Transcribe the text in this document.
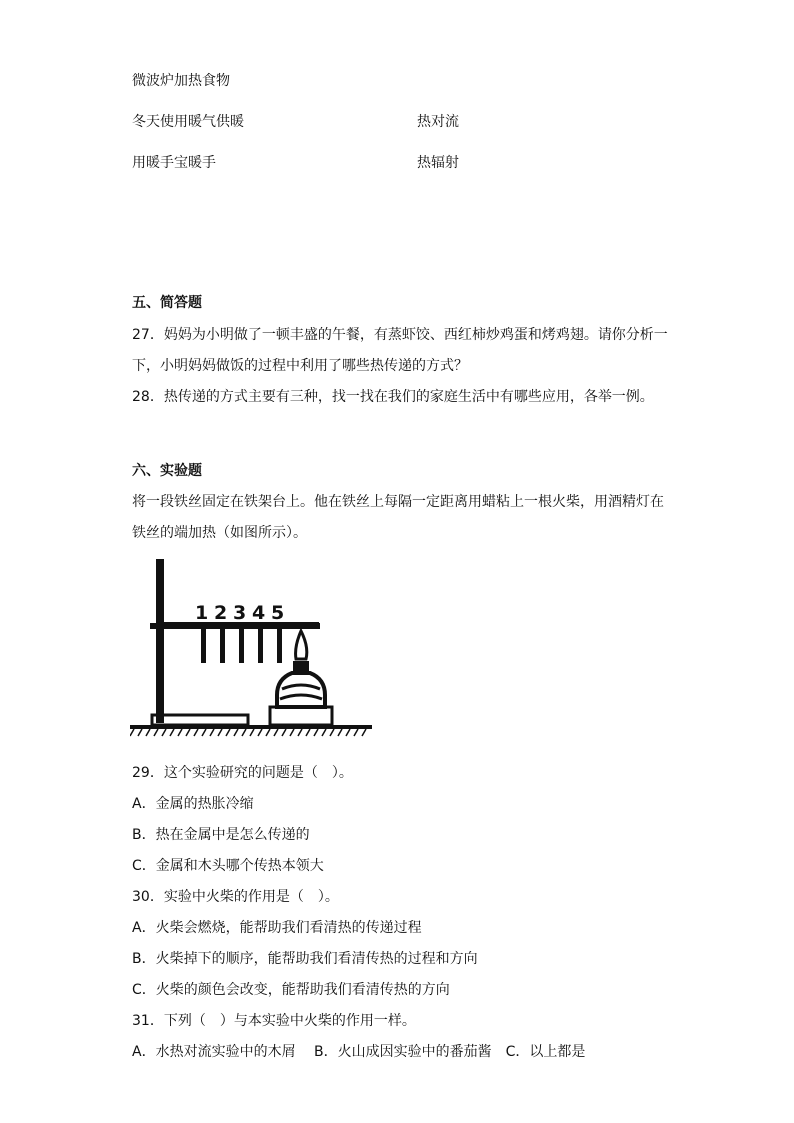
微波炉加热食物
冬天使用暖气供暖	热对流
用暖手宝暖手	热辐射
五、简答题
27．妈妈为小明做了一顿丰盛的午餐，有蒸虾饺、西红柿炒鸡蛋和烤鸡翅。请你分析一
下，小明妈妈做饭的过程中利用了哪些热传递的方式？
28．热传递的方式主要有三种，找一找在我们的家庭生活中有哪些应用，各举一例。
六、实验题
将一段铁丝固定在铁架台上。他在铁丝上每隔一定距离用蜡粘上一根火柴，用酒精灯在
铁丝的端加热（如图所示）。
1 2 3 4 5
29．这个实验研究的问题是（　）。
A．金属的热胀冷缩
B．热在金属中是怎么传递的
C．金属和木头哪个传热本领大
30．实验中火柴的作用是（　）。
A．火柴会燃烧，能帮助我们看清热的传递过程
B．火柴掉下的顺序，能帮助我们看清传热的过程和方向
C．火柴的颜色会改变，能帮助我们看清传热的方向
31．下列（　）与本实验中火柴的作用一样。
A．水热对流实验中的木屑　 B．火山成因实验中的番茄酱　C．以上都是
